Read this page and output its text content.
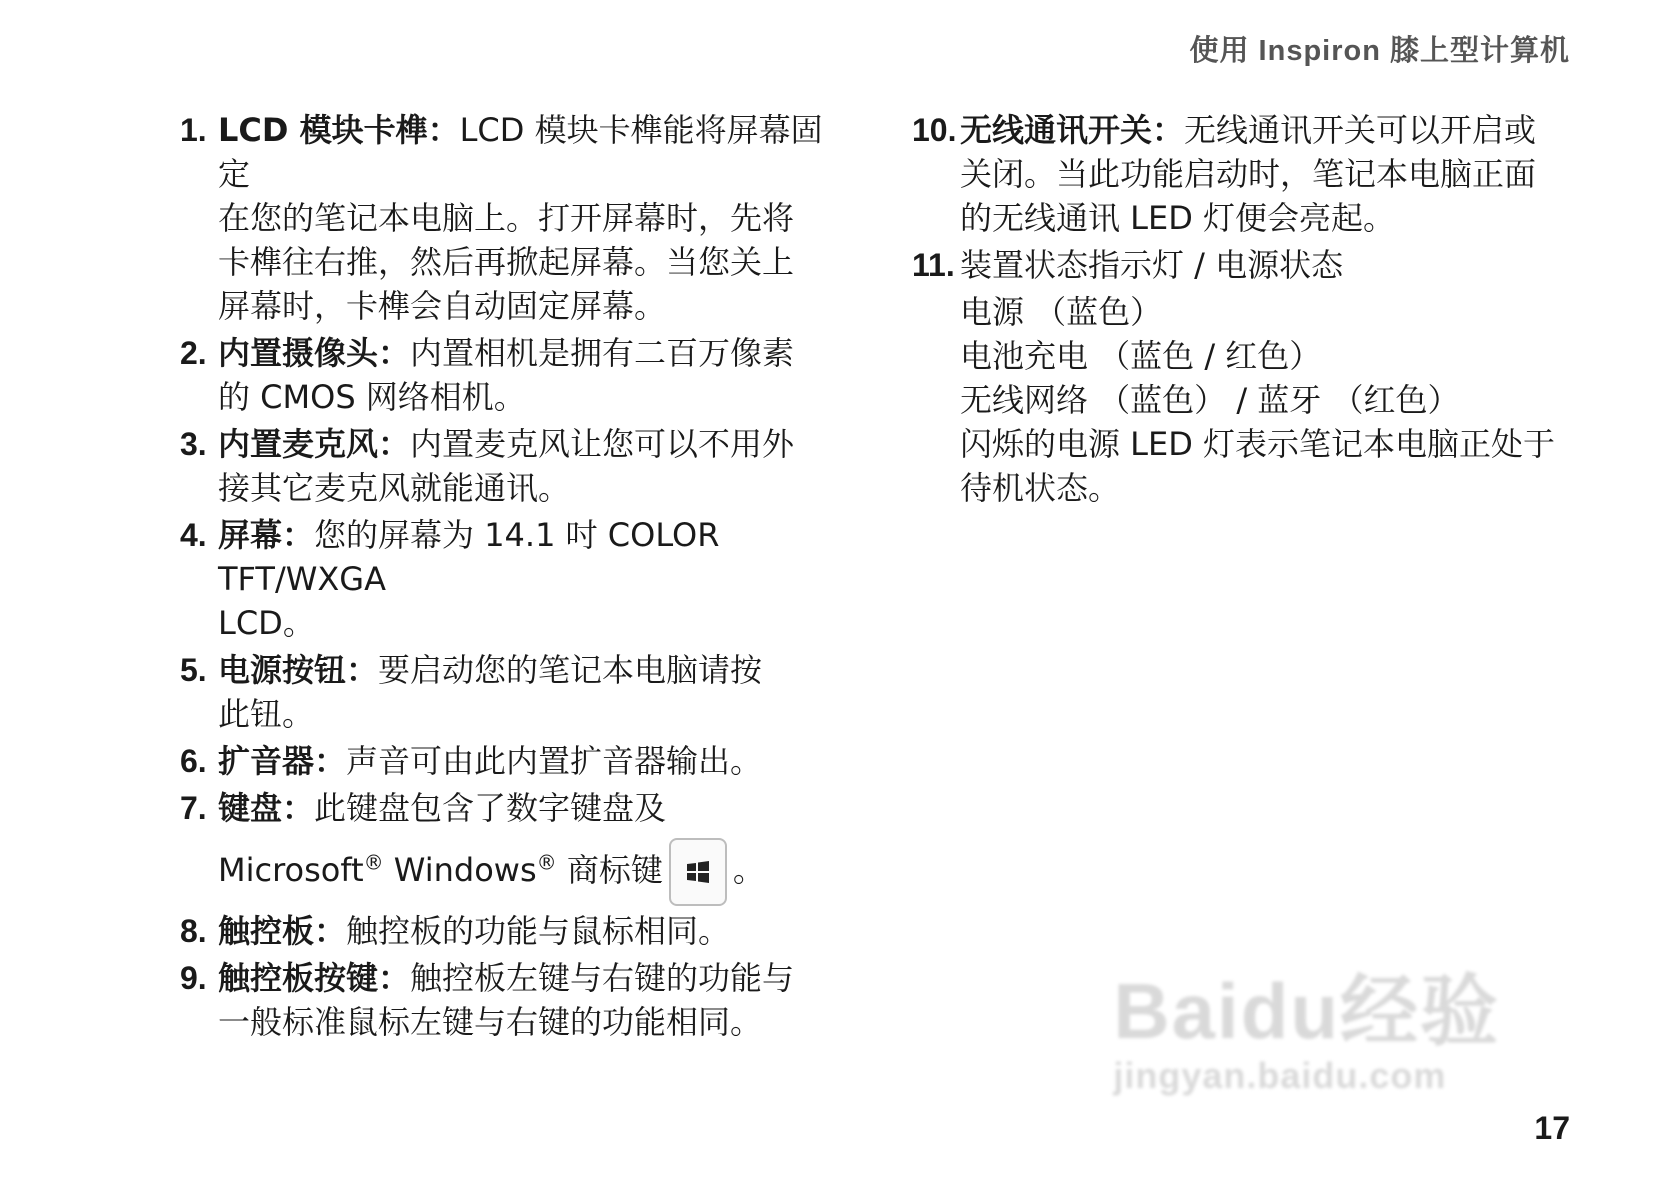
使用 Inspiron 膝上型计算机
1. LCD 模块卡榫：LCD 模块卡榫能将屏幕固定
在您的笔记本电脑上。打开屏幕时，先将
卡榫往右推，然后再掀起屏幕。当您关上
屏幕时，卡榫会自动固定屏幕。
2. 内置摄像头：内置相机是拥有二百万像素
的 CMOS 网络相机。
3. 内置麦克风：内置麦克风让您可以不用外
接其它麦克风就能通讯。
4. 屏幕：您的屏幕为 14.1 吋 COLOR TFT/WXGA
LCD。
5. 电源按钮：要启动您的笔记本电脑请按
此钮。
6. 扩音器：声音可由此内置扩音器输出。
7. 键盘：此键盘包含了数字键盘及
Microsoft® Windows® 商标键 。
8. 触控板：触控板的功能与鼠标相同。
9. 触控板按键：触控板左键与右键的功能与
一般标准鼠标左键与右键的功能相同。
10. 无线通讯开关：无线通讯开关可以开启或
关闭。当此功能启动时，笔记本电脑正面
的无线通讯 LED 灯便会亮起。
11. 装置状态指示灯 / 电源状态
电源 （蓝色）
电池充电 （蓝色 / 红色）
无线网络 （蓝色） / 蓝牙 （红色）
闪烁的电源 LED 灯表示笔记本电脑正处于
待机状态。
Baidu经验
jingyan.baidu.com
17
